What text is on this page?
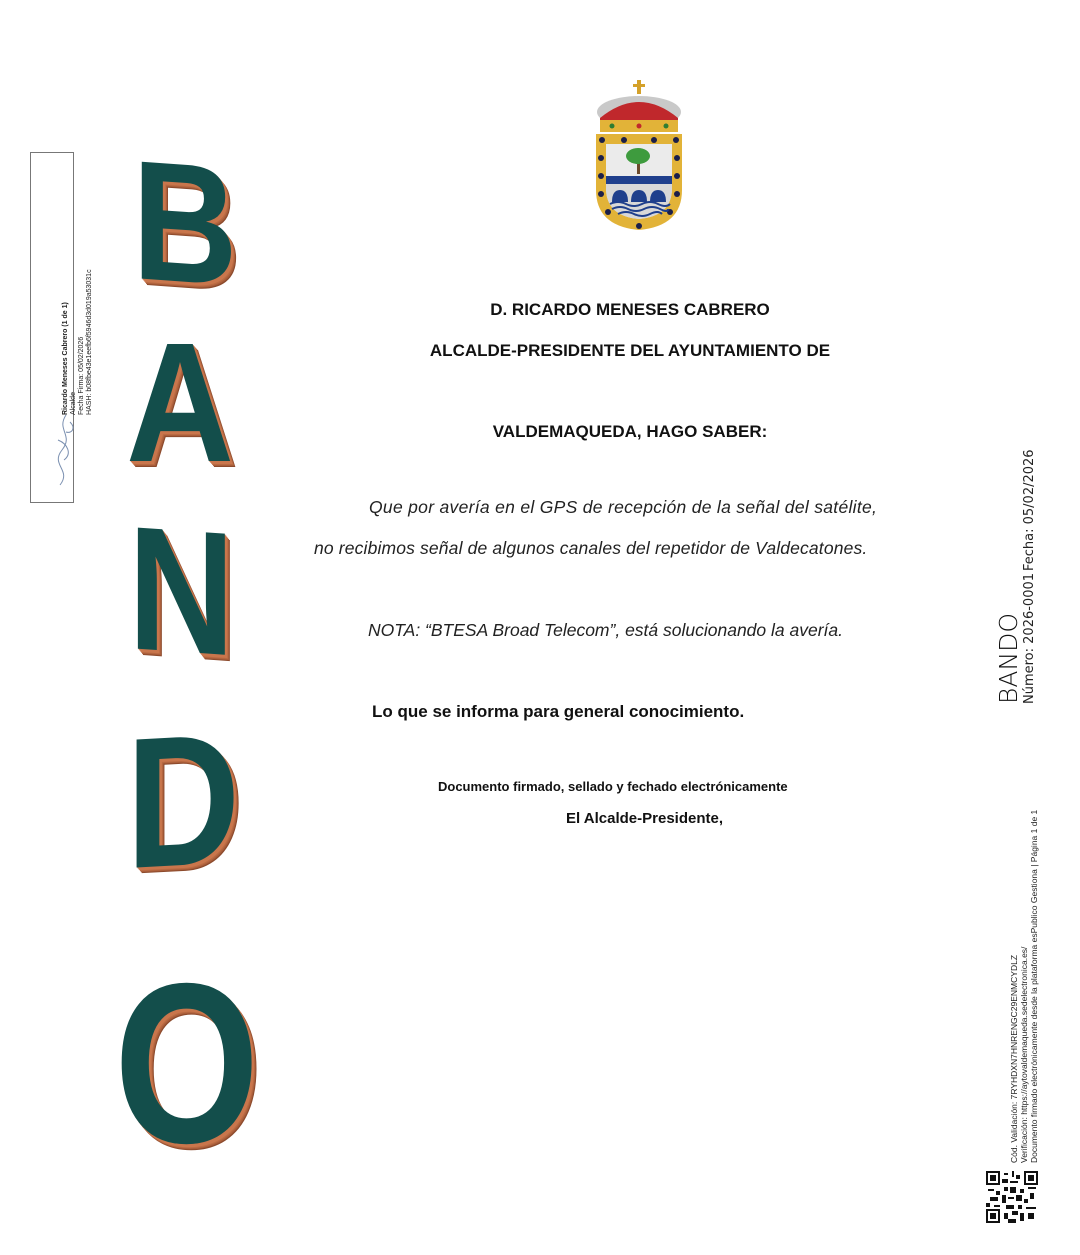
Ricardo Meneses Cabrero (1 de 1) Alcalde Fecha Firma: 05/02/2026 HASH: b08fbe43e1eefb6f5946d3d019a53031c
B
A
N
D
O
D. RICARDO MENESES CABRERO
ALCALDE-PRESIDENTE DEL AYUNTAMIENTO DE
VALDEMAQUEDA, HAGO SABER:
Que por avería en el GPS de recepción de la señal del satélite,
no recibimos señal de algunos canales del repetidor de Valdecatones.
NOTA: “BTESA Broad Telecom”, está solucionando la avería.
Lo que se informa para general conocimiento.
Documento firmado, sellado y fechado electrónicamente
El Alcalde-Presidente,
BANDO Número: 2026-0001
Fecha: 05/02/2026
Cód. Validación: 7RYHDXN7HNRENGC29ENMCYDLZ Verificación: https://aytovaldemaqueda.sedelectronica.es/ Documento firmado electrónicamente desde la plataforma esPublico Gestiona | Página 1 de 1
